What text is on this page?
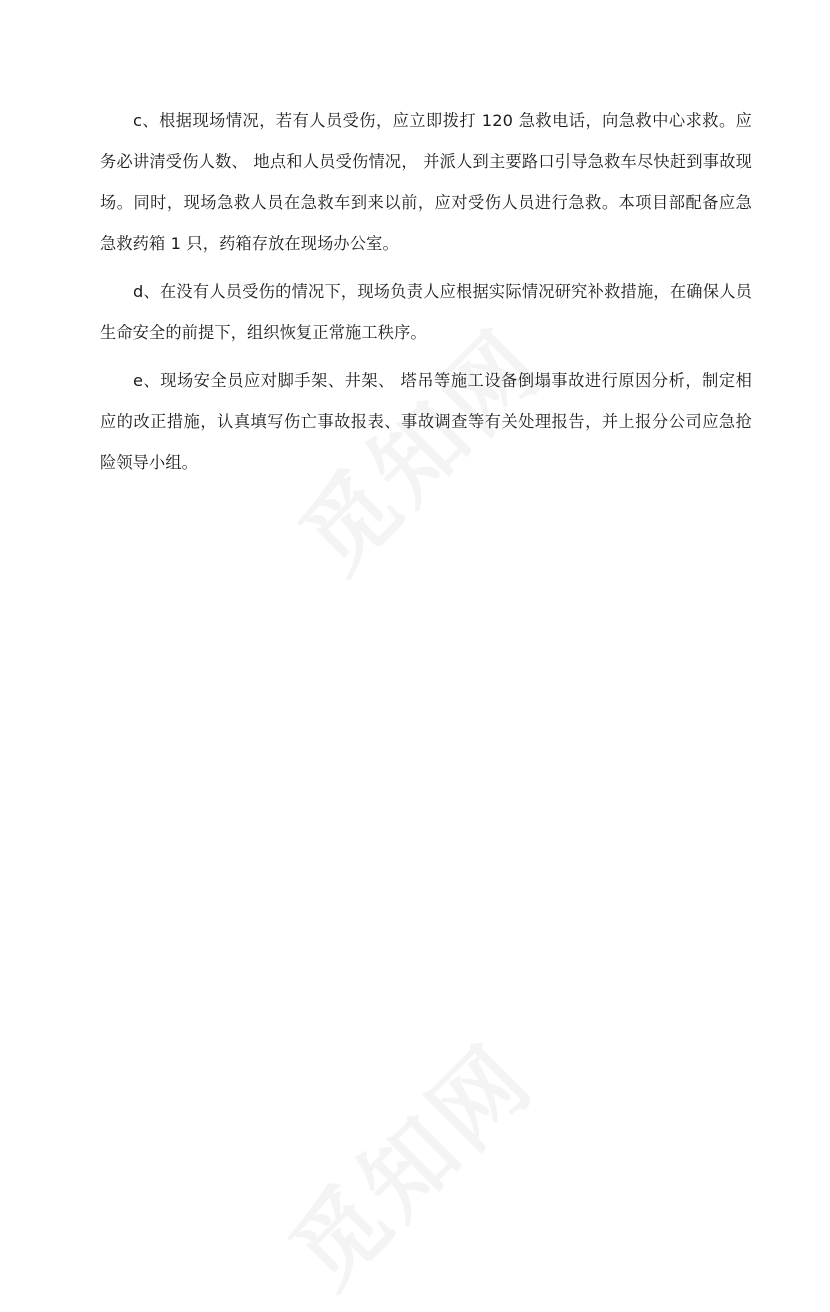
c、根据现场情况，若有人员受伤，应立即拨打 120 急救电话，向急救中心求救。应务必讲清受伤人数、 地点和人员受伤情况， 并派人到主要路口引导急救车尽快赶到事故现场。同时，现场急救人员在急救车到来以前，应对受伤人员进行急救。本项目部配备应急急救药箱 1 只，药箱存放在现场办公室。

d、在没有人员受伤的情况下，现场负责人应根据实际情况研究补救措施，在确保人员生命安全的前提下，组织恢复正常施工秩序。

e、现场安全员应对脚手架、井架、 塔吊等施工设备倒塌事故进行原因分析，制定相应的改正措施，认真填写伤亡事故报表、事故调查等有关处理报告，并上报分公司应急抢险领导小组。
